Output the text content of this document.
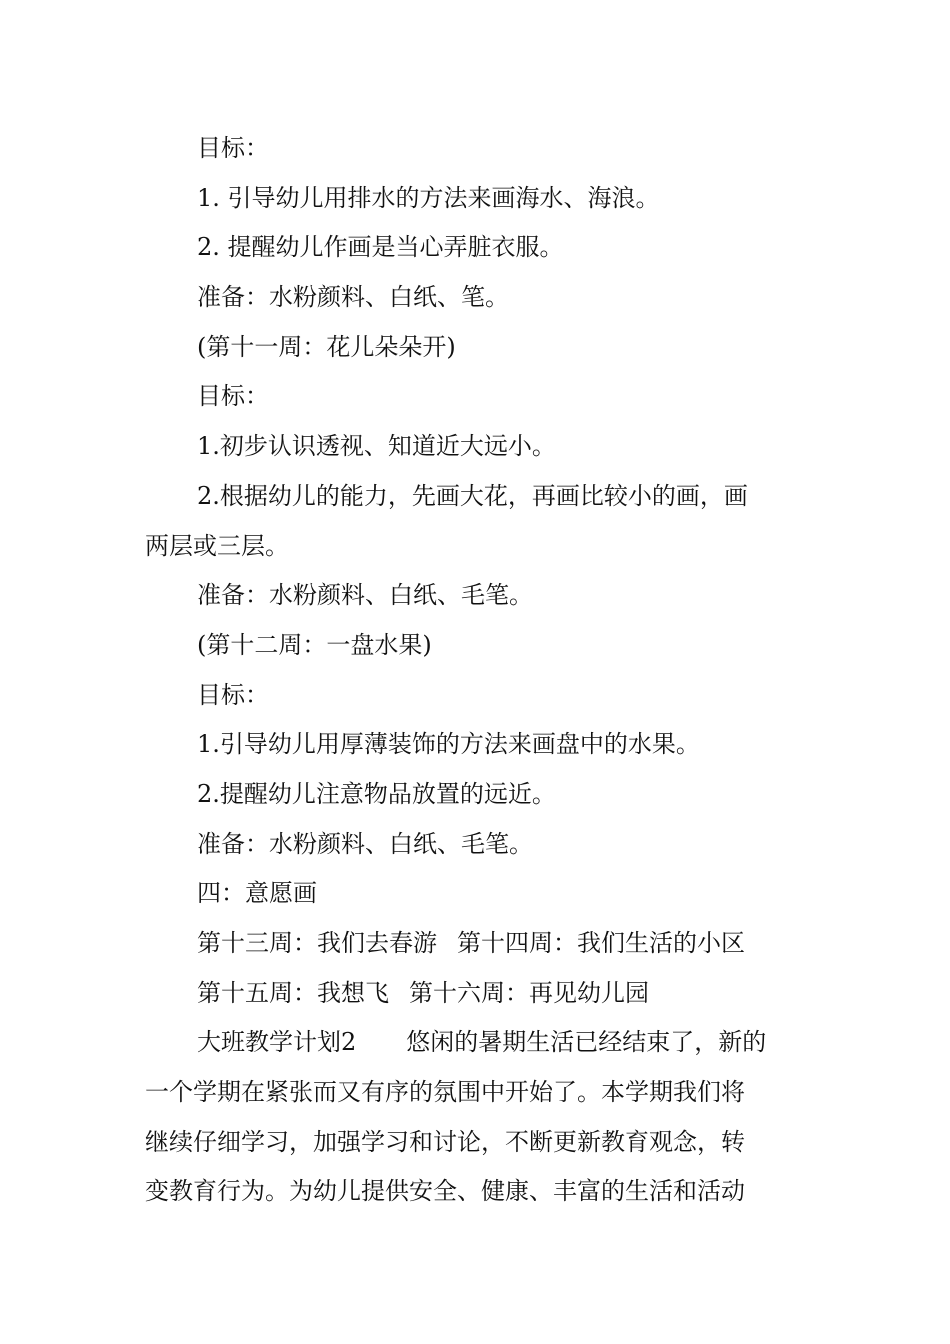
目标：
1. 引导幼儿用排水的方法来画海水、海浪。
2. 提醒幼儿作画是当心弄脏衣服。
准备：水粉颜料、白纸、笔。
(第十一周：花儿朵朵开)
目标：
1.初步认识透视、知道近大远小。
2.根据幼儿的能力，先画大花，再画比较小的画，画
两层或三层。
准备：水粉颜料、白纸、毛笔。
(第十二周：一盘水果)
目标：
1.引导幼儿用厚薄装饰的方法来画盘中的水果。
2.提醒幼儿注意物品放置的远近。
准备：水粉颜料、白纸、毛笔。
四：意愿画
第十三周：我们去春游 第十四周：我们生活的小区
第十五周：我想飞 第十六周：再见幼儿园
大班教学计划2 悠闲的暑期生活已经结束了，新的
一个学期在紧张而又有序的氛围中开始了。本学期我们将
继续仔细学习，加强学习和讨论，不断更新教育观念，转
变教育行为。为幼儿提供安全、健康、丰富的生活和活动
